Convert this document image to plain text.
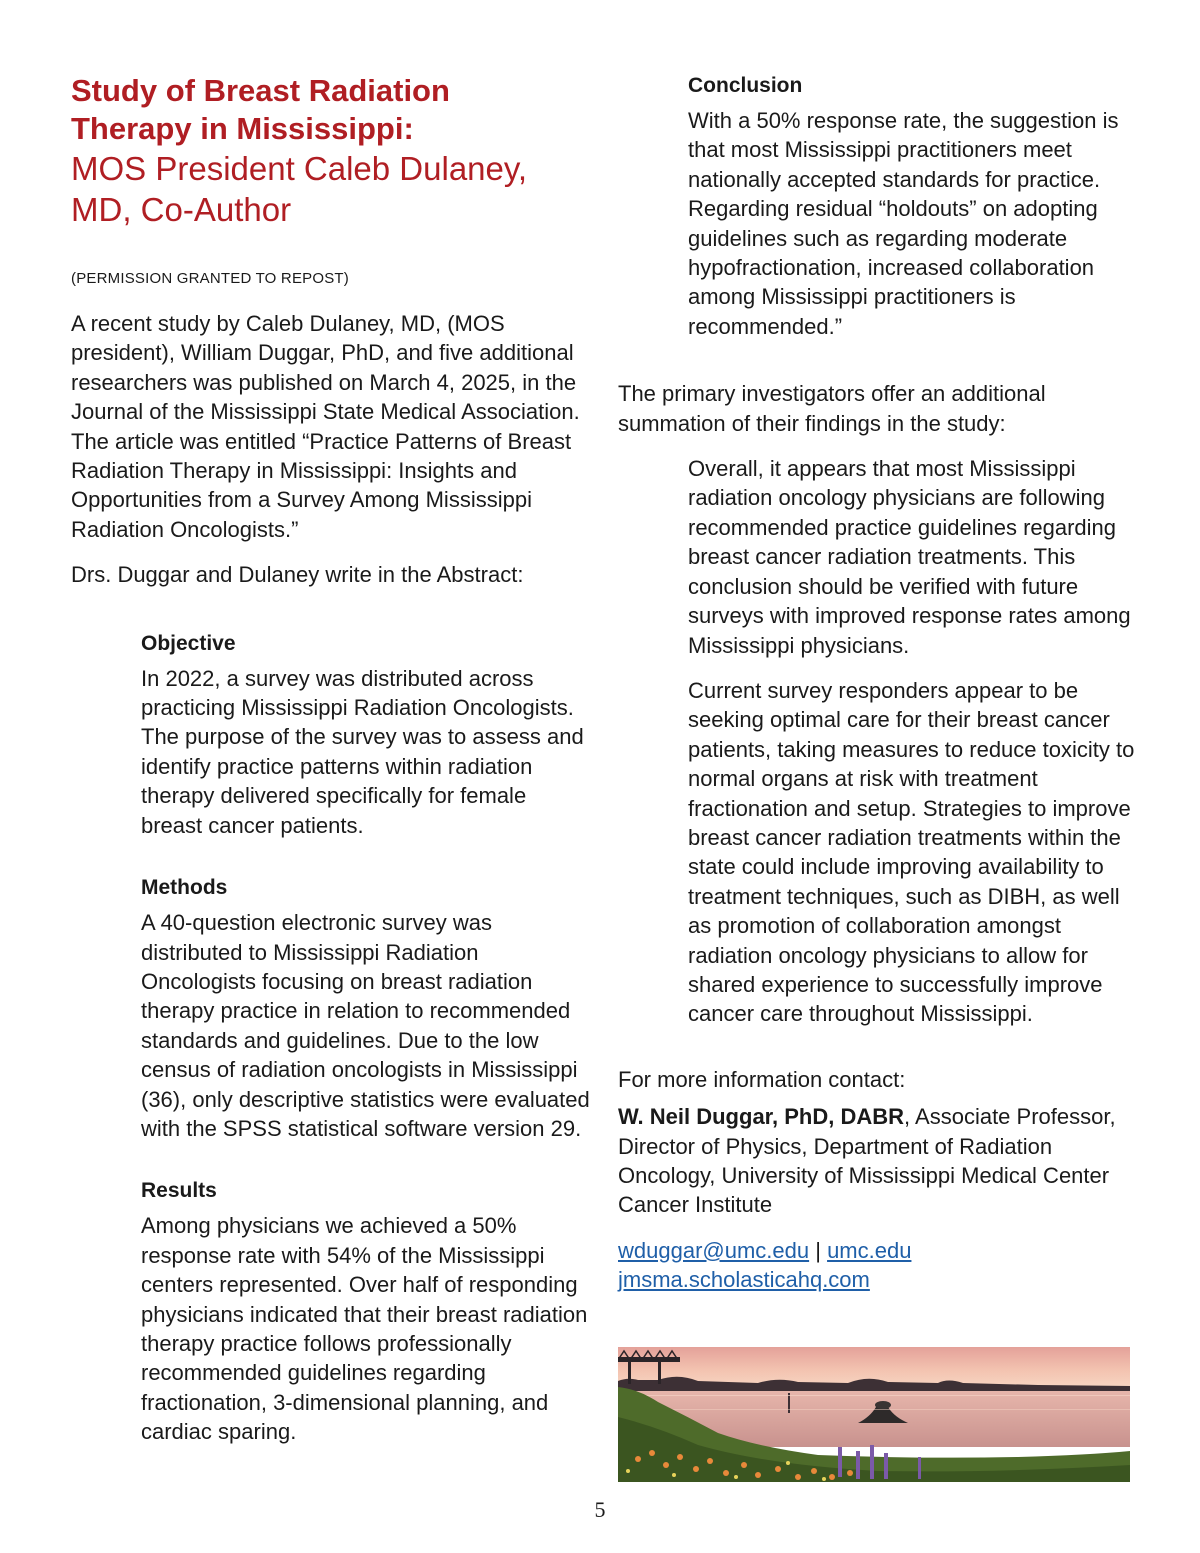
Study of Breast Radiation
Therapy in Mississippi:
MOS President Caleb Dulaney,
MD, Co-Author
(PERMISSION GRANTED TO REPOST)

A recent study by Caleb Dulaney, MD, (MOS president), William Duggar, PhD, and five additional researchers was published on March 4, 2025, in the Journal of the Mississippi State Medical Association. The article was entitled “Practice Patterns of Breast Radiation Therapy in Mississippi: Insights and Opportunities from a Survey Among Mississippi Radiation Oncologists.”

Drs. Duggar and Dulaney write in the Abstract:

Objective
In 2022, a survey was distributed across practicing Mississippi Radiation Oncologists. The purpose of the survey was to assess and identify practice patterns within radiation therapy delivered specifically for female breast cancer patients.
Methods
A 40-question electronic survey was distributed to Mississippi Radiation Oncologists focusing on breast radiation therapy practice in relation to recommended standards and guidelines. Due to the low census of radiation oncologists in Mississippi (36), only descriptive statistics were evaluated with the SPSS statistical software version 29.
Results
Among physicians we achieved a 50% response rate with 54% of the Mississippi centers represented. Over half of responding physicians indicated that their breast radiation therapy practice follows professionally recommended guidelines regarding fractionation, 3-dimensional planning, and cardiac sparing.
Conclusion
With a 50% response rate, the suggestion is that most Mississippi practitioners meet nationally accepted standards for practice. Regarding residual “holdouts” on adopting guidelines such as regarding moderate hypofractionation, increased collaboration among Mississippi practitioners is recommended.”

The primary investigators offer an additional summation of their findings in the study:

Overall, it appears that most Mississippi radiation oncology physicians are following recommended practice guidelines regarding breast cancer radiation treatments. This conclusion should be verified with future surveys with improved response rates among Mississippi physicians.

Current survey responders appear to be seeking optimal care for their breast cancer patients, taking measures to reduce toxicity to normal organs at risk with treatment fractionation and setup. Strategies to improve breast cancer radiation treatments within the state could include improving availability to treatment techniques, such as DIBH, as well as promotion of collaboration amongst radiation oncology physicians to allow for shared experience to successfully improve cancer care throughout Mississippi.

For more information contact:

W. Neil Duggar, PhD, DABR, Associate Professor, Director of Physics, Department of Radiation Oncology, University of Mississippi Medical Center Cancer Institute

wduggar@umc.edu | umc.edu
jmsma.scholastica​hq.com
5
